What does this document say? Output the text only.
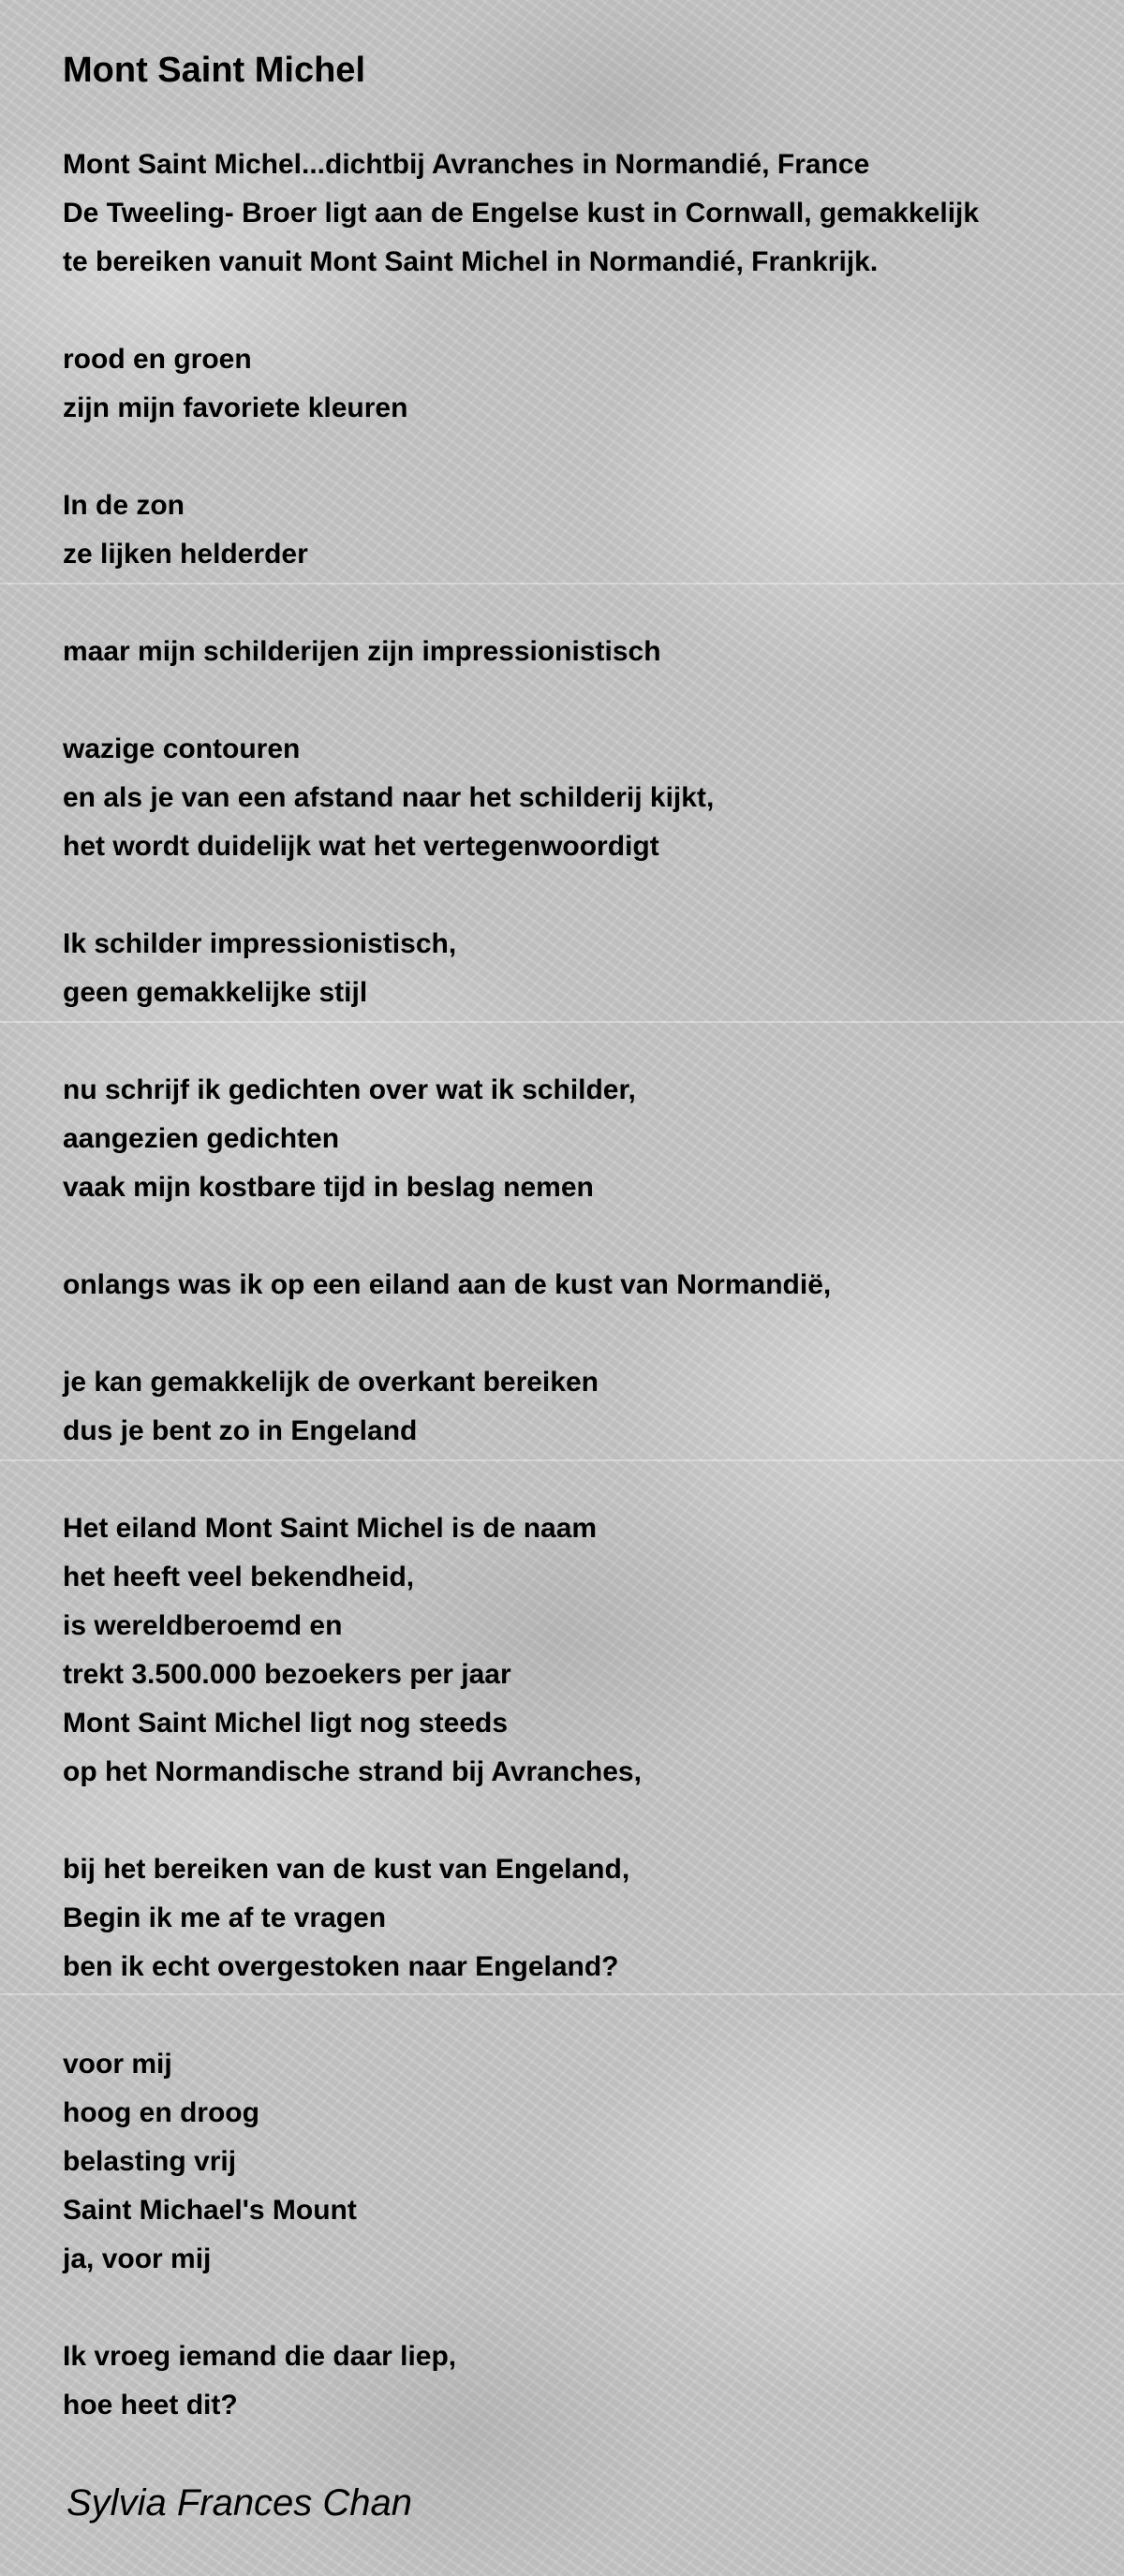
Mont Saint Michel
Mont Saint Michel...dichtbij Avranches in Normandié, France
De Tweeling- Broer ligt aan de Engelse kust in Cornwall, gemakkelijk
te bereiken vanuit Mont Saint Michel in Normandié, Frankrijk.
rood en groen
zijn mijn favoriete kleuren
In de zon
ze lijken helderder
maar mijn schilderijen zijn impressionistisch
wazige contouren
en als je van een afstand naar het schilderij kijkt,
het wordt duidelijk wat het vertegenwoordigt
Ik schilder impressionistisch,
geen gemakkelijke stijl
nu schrijf ik gedichten over wat ik schilder,
aangezien gedichten
vaak mijn kostbare tijd in beslag nemen
onlangs was ik op een eiland aan de kust van Normandië,
je kan gemakkelijk de overkant bereiken
dus je bent zo in Engeland
Het eiland Mont Saint Michel is de naam
het heeft veel bekendheid,
is wereldberoemd en
trekt 3.500.000 bezoekers per jaar
Mont Saint Michel ligt nog steeds
op het Normandische strand bij Avranches,
bij het bereiken van de kust van Engeland,
Begin ik me af te vragen
ben ik echt overgestoken naar Engeland?
voor mij
hoog en droog
belasting vrij
Saint Michael's Mount
ja, voor mij
Ik vroeg iemand die daar liep,
hoe heet dit?

Sylvia Frances Chan
